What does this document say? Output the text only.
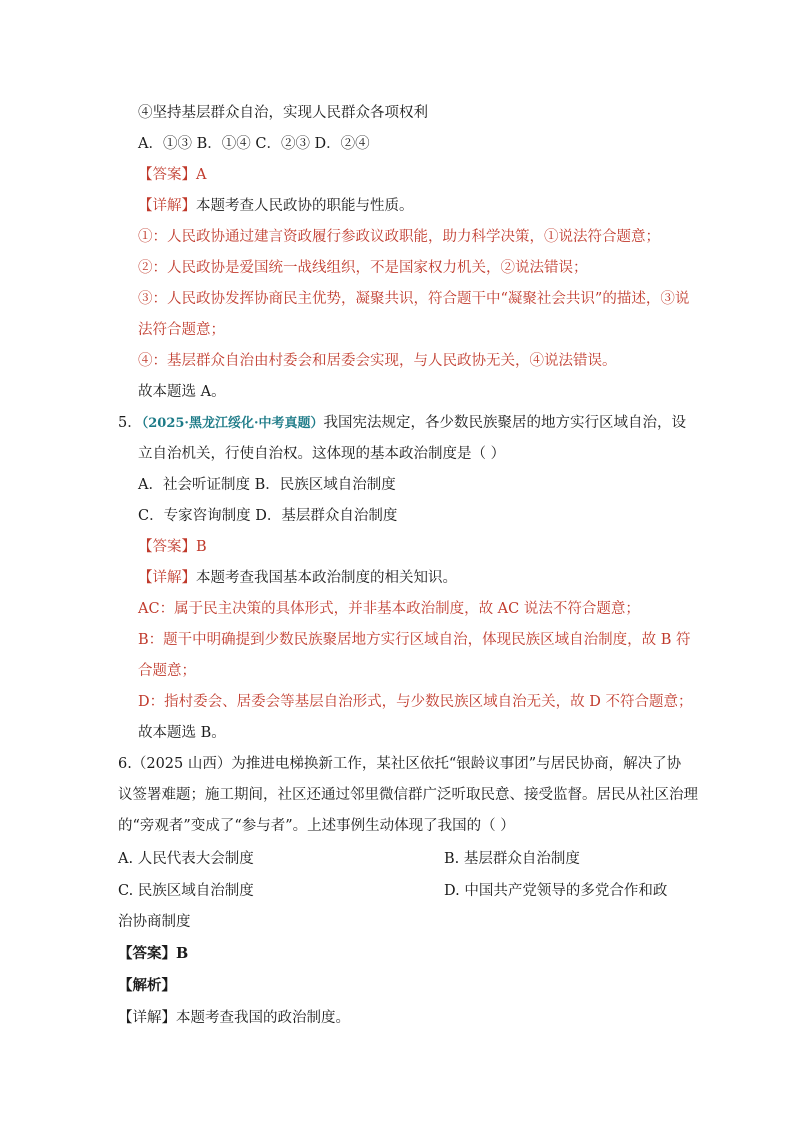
④坚持基层群众自治，实现人民群众各项权利
A．①③ B．①④ C．②③ D．②④
【答案】A
【详解】本题考查人民政协的职能与性质。
①：人民政协通过建言资政履行参政议政职能，助力科学决策，①说法符合题意；
②：人民政协是爱国统一战线组织，不是国家权力机关，②说法错误；
③：人民政协发挥协商民主优势，凝聚共识，符合题干中“凝聚社会共识”的描述，③说
法符合题意；
④：基层群众自治由村委会和居委会实现，与人民政协无关，④说法错误。
故本题选 A。
5．（2025·黑龙江绥化·中考真题）我国宪法规定，各少数民族聚居的地方实行区域自治，设
立自治机关，行使自治权。这体现的基本政治制度是（ ）
A．社会听证制度 B．民族区域自治制度
C．专家咨询制度 D．基层群众自治制度
【答案】B
【详解】本题考查我国基本政治制度的相关知识。
AC：属于民主决策的具体形式，并非基本政治制度，故 AC 说法不符合题意；
B：题干中明确提到少数民族聚居地方实行区域自治，体现民族区域自治制度，故 B 符
合题意；
D：指村委会、居委会等基层自治形式，与少数民族区域自治无关，故 D 不符合题意；
故本题选 B。
6.（2025 山西）为推进电梯换新工作，某社区依托“银龄议事团”与居民协商，解决了协
议签署难题；施工期间，社区还通过邻里微信群广泛听取民意、接受监督。居民从社区治理
的“旁观者”变成了“参与者”。上述事例生动体现了我国的（ ）
A. 人民代表大会制度	B. 基层群众自治制度
C. 民族区域自治制度	D. 中国共产党领导的多党合作和政
治协商制度
【答案】B
【解析】
【详解】本题考查我国的政治制度。
